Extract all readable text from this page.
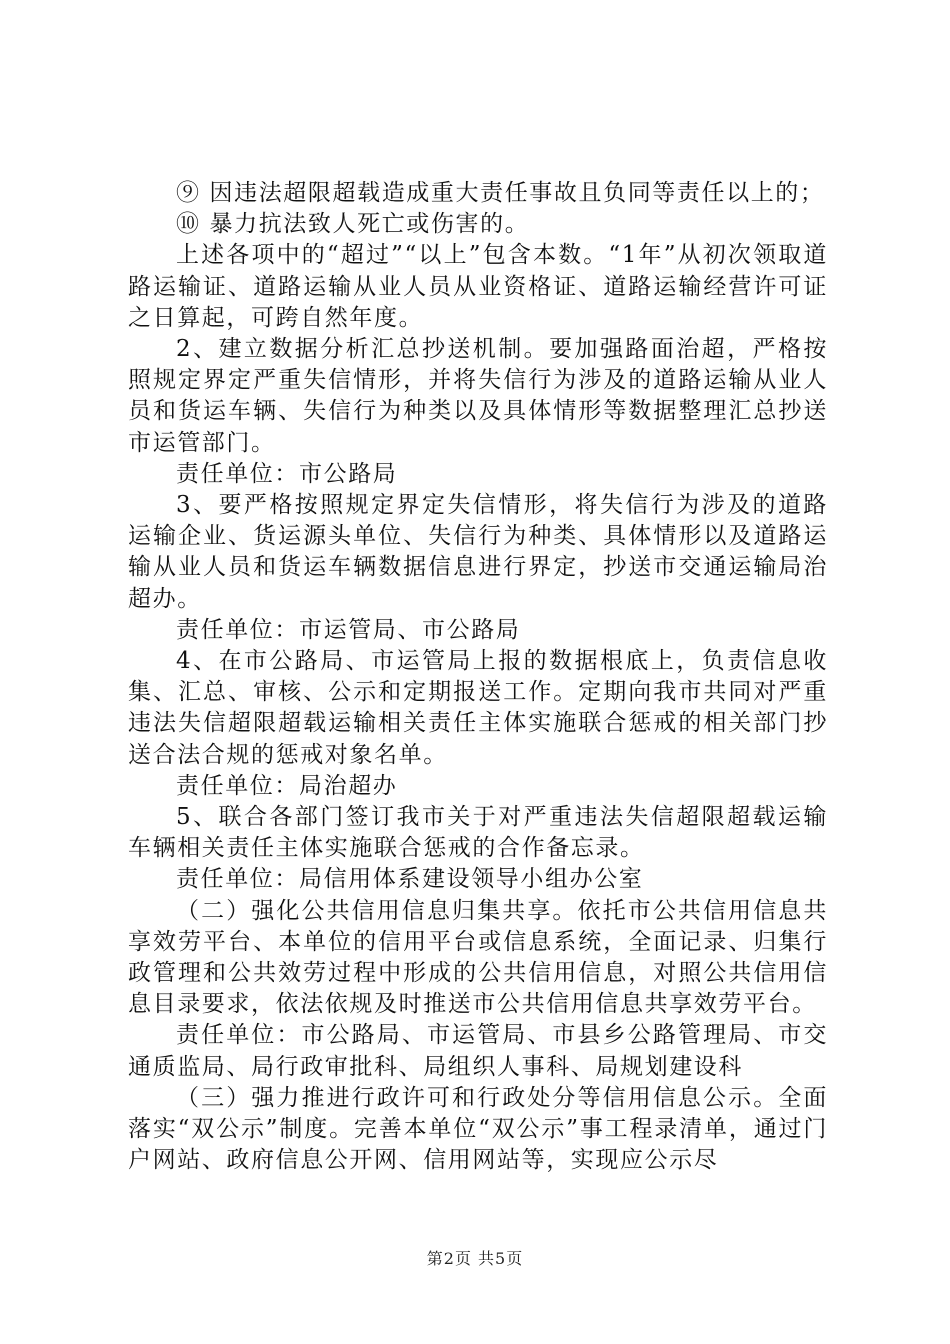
⑨ 因违法超限超载造成重大责任事故且负同等责任以上的；

⑩ 暴力抗法致人死亡或伤害的。

上述各项中的“超过”“以上”包含本数。“1年”从初次领取道路运输证、道路运输从业人员从业资格证、道路运输经营许可证之日算起，可跨自然年度。

2、建立数据分析汇总抄送机制。要加强路面治超，严格按照规定界定严重失信情形，并将失信行为涉及的道路运输从业人员和货运车辆、失信行为种类以及具体情形等数据整理汇总抄送市运管部门。

责任单位：市公路局

3、要严格按照规定界定失信情形，将失信行为涉及的道路运输企业、货运源头单位、失信行为种类、具体情形以及道路运输从业人员和货运车辆数据信息进行界定，抄送市交通运输局治超办。

责任单位：市运管局、市公路局

4、在市公路局、市运管局上报的数据根底上，负责信息收集、汇总、审核、公示和定期报送工作。定期向我市共同对严重违法失信超限超载运输相关责任主体实施联合惩戒的相关部门抄送合法合规的惩戒对象名单。

责任单位：局治超办

5、联合各部门签订我市关于对严重违法失信超限超载运输车辆相关责任主体实施联合惩戒的合作备忘录。

责任单位：局信用体系建设领导小组办公室

（二）强化公共信用信息归集共享。依托市公共信用信息共享效劳平台、本单位的信用平台或信息系统，全面记录、归集行政管理和公共效劳过程中形成的公共信用信息，对照公共信用信息目录要求，依法依规及时推送市公共信用信息共享效劳平台。

责任单位：市公路局、市运管局、市县乡公路管理局、市交通质监局、局行政审批科、局组织人事科、局规划建设科

（三）强力推进行政许可和行政处分等信用信息公示。全面落实“双公示”制度。完善本单位“双公示”事工程录清单，通过门户网站、政府信息公开网、信用网站等，实现应公示尽

第2页 共5页
